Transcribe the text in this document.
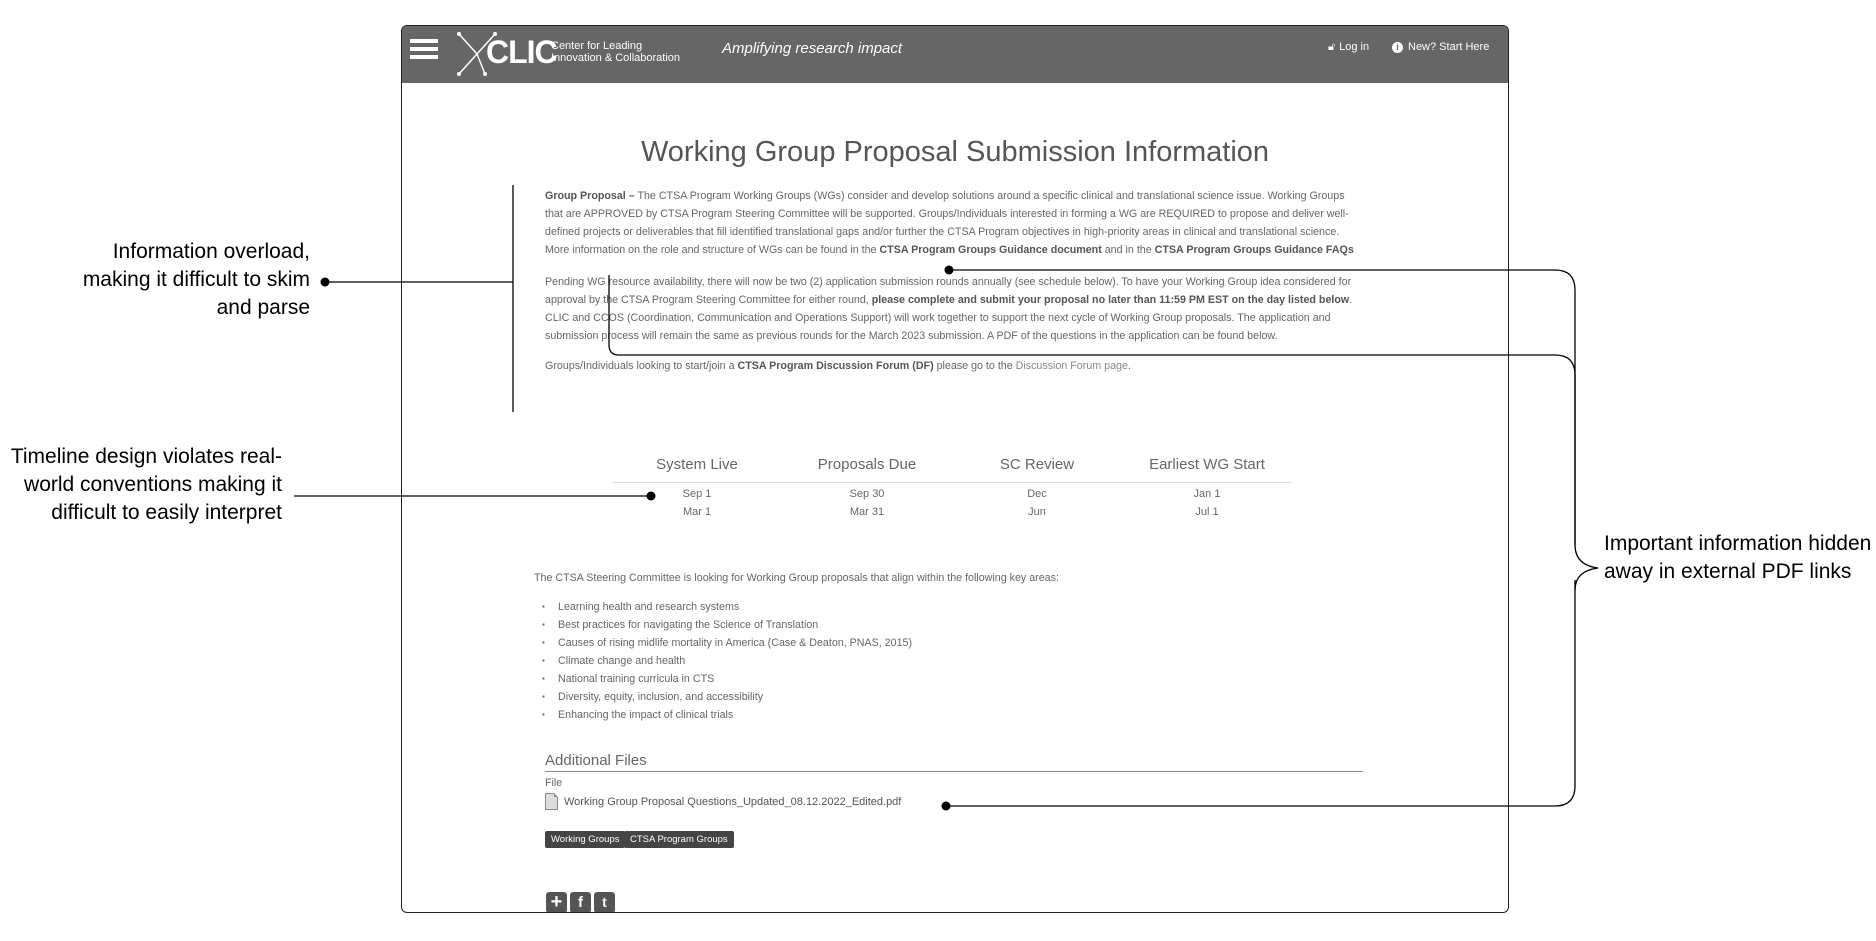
CLIC
Center for Leading
Innovation & Collaboration
Amplifying research impact	🔓︎ Log in	i New? Start Here
Working Group Proposal Submission Information
Group Proposal – The CTSA Program Working Groups (WGs) consider and develop solutions around a specific clinical and translational science issue. Working Groups that are APPROVED by CTSA Program Steering Committee will be supported. Groups/Individuals interested in forming a WG are REQUIRED to propose and deliver well-defined projects or deliverables that fill identified translational gaps and/or further the CTSA Program objectives in high-priority areas in clinical and translational science. More information on the role and structure of WGs can be found in the CTSA Program Groups Guidance document and in the CTSA Program Groups Guidance FAQs
Pending WG resource availability, there will now be two (2) application submission rounds annually (see schedule below). To have your Working Group idea considered for approval by the CTSA Program Steering Committee for either round, please complete and submit your proposal no later than 11:59 PM EST on the day listed below. CLIC and CCOS (Coordination, Communication and Operations Support) will work together to support the next cycle of Working Group proposals. The application and submission process will remain the same as previous rounds for the March 2023 submission. A PDF of the questions in the application can be found below.
Groups/Individuals looking to start/join a CTSA Program Discussion Forum (DF) please go to the Discussion Forum page.
System Live	Proposals Due	SC Review	Earliest WG Start
Sep 1	Sep 30	Dec	Jan 1
Mar 1	Mar 31	Jun	Jul 1
The CTSA Steering Committee is looking for Working Group proposals that align within the following key areas:
▪ Learning health and research systems
▪ Best practices for navigating the Science of Translation
▪ Causes of rising midlife mortality in America (Case & Deaton, PNAS, 2015)
▪ Climate change and health
▪ National training curricula in CTS
▪ Diversity, equity, inclusion, and accessibility
▪ Enhancing the impact of clinical trials
Additional Files
File
Working Group Proposal Questions_Updated_08.12.2022_Edited.pdf
Working Groups	CTSA Program Groups
+	f	t
Information overload, making it difficult to skim and parse
Timeline design violates real-world conventions making it difficult to easily interpret
Important information hidden away in external PDF links
